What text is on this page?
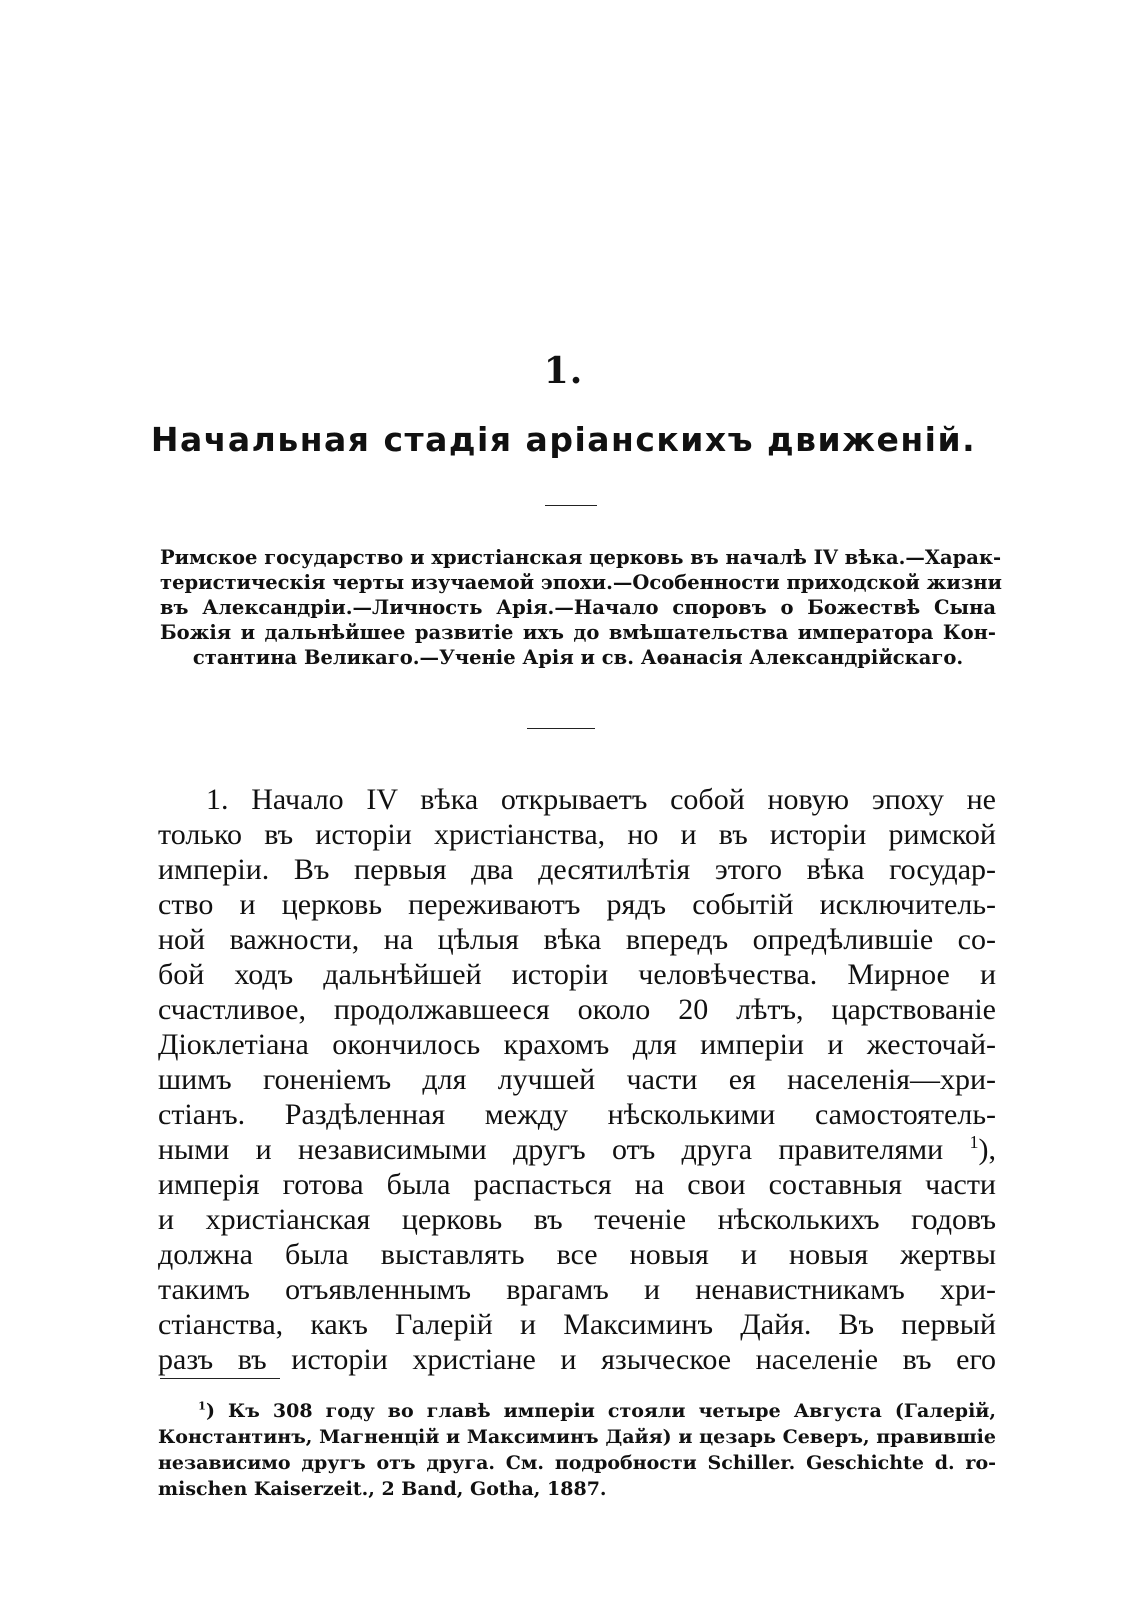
1.
Начальная стадія аріанскихъ движеній.
Римское государство и христіанская церковь въ началѣ IV вѣка.—Харак-
теристическія черты изучаемой эпохи.—Особенности приходской жизни
въ Александріи.—Личность Арія.—Начало споровъ о Божествѣ Сына
Божія и дальнѣйшее развитіе ихъ до вмѣшательства императора Кон-
стантина Великаго.—Ученіе Арія и св. Аѳанасія Александрійскаго.
1. Начало IV вѣка открываетъ собой новую эпоху не
только въ исторіи христіанства, но и въ исторіи римской
имперіи. Въ первыя два десятилѣтія этого вѣка государ-
ство и церковь переживаютъ рядъ событій исключитель-
ной важности, на цѣлыя вѣка впередъ опредѣлившіе со-
бой ходъ дальнѣйшей исторіи человѣчества. Мирное и
счастливое, продолжавшееся около 20 лѣтъ, царствованіе
Діоклетіана окончилось крахомъ для имперіи и жесточай-
шимъ гоненіемъ для лучшей части ея населенія—хри-
стіанъ. Раздѣленная между нѣсколькими самостоятель-
ными и независимыми другъ отъ друга правителями $^1$),
имперія готова была распасться на свои составныя части
и христіанская церковь въ теченіе нѣсколькихъ годовъ
должна была выставлять все новыя и новыя жертвы
такимъ отъявленнымъ врагамъ и ненавистникамъ хри-
стіанства, какъ Галерій и Максиминъ Дайя. Въ первый
разъ въ исторіи христіане и языческое населеніе въ его
$^1$) Къ 308 году во главѣ имперіи стояли четыре Августа (Галерій,
Константинъ, Магненцій и Максиминъ Дайя) и цезарь Северъ, правившіе
независимо другъ отъ друга. См. подробности Schiller. Geschichte d. ro-
mischen Kaiserzeit., 2 Band, Gotha, 1887.
